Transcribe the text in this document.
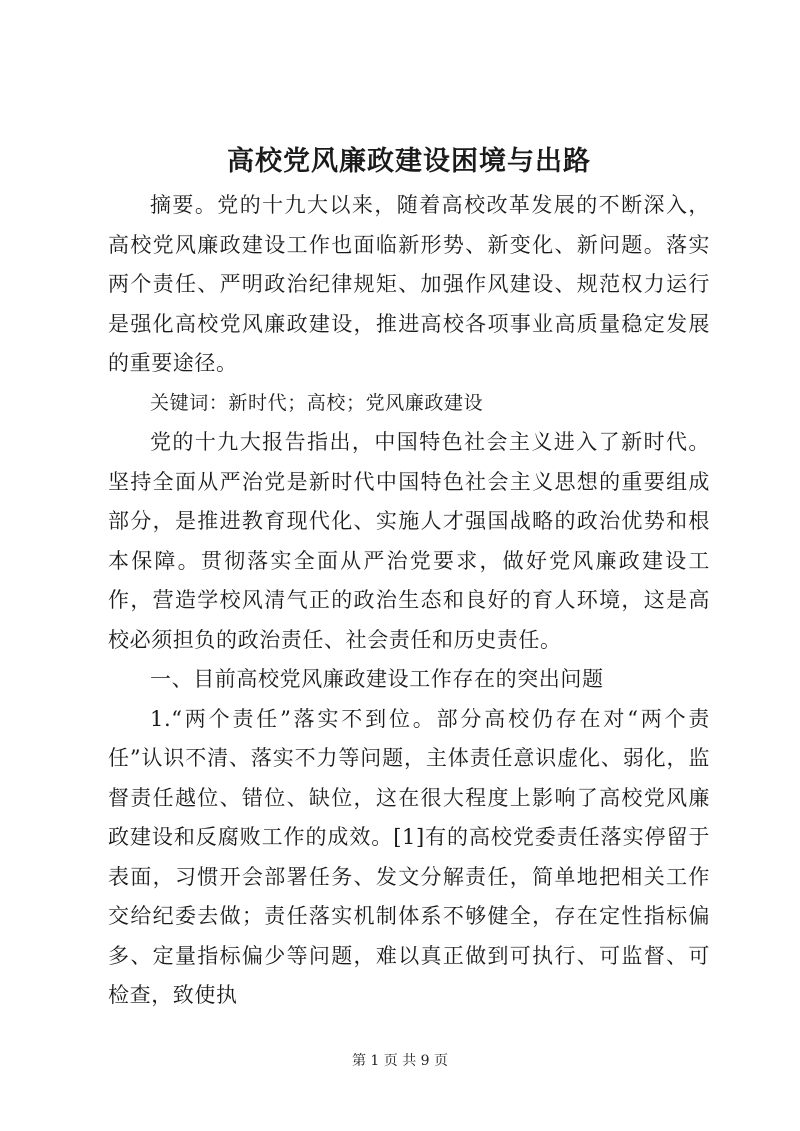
高校党风廉政建设困境与出路

摘要。党的十九大以来，随着高校改革发展的不断深入，高校党风廉政建设工作也面临新形势、新变化、新问题。落实两个责任、严明政治纪律规矩、加强作风建设、规范权力运行是强化高校党风廉政建设，推进高校各项事业高质量稳定发展的重要途径。

关键词：新时代；高校；党风廉政建设

党的十九大报告指出，中国特色社会主义进入了新时代。坚持全面从严治党是新时代中国特色社会主义思想的重要组成部分，是推进教育现代化、实施人才强国战略的政治优势和根本保障。贯彻落实全面从严治党要求，做好党风廉政建设工作，营造学校风清气正的政治生态和良好的育人环境，这是高校必须担负的政治责任、社会责任和历史责任。

一、目前高校党风廉政建设工作存在的突出问题

1.“两个责任”落实不到位。部分高校仍存在对“两个责任”认识不清、落实不力等问题，主体责任意识虚化、弱化，监督责任越位、错位、缺位，这在很大程度上影响了高校党风廉政建设和反腐败工作的成效。[1]有的高校党委责任落实停留于表面，习惯开会部署任务、发文分解责任，简单地把相关工作交给纪委去做；责任落实机制体系不够健全，存在定性指标偏多、定量指标偏少等问题，难以真正做到可执行、可监督、可检查，致使执

第 1 页 共 9 页
